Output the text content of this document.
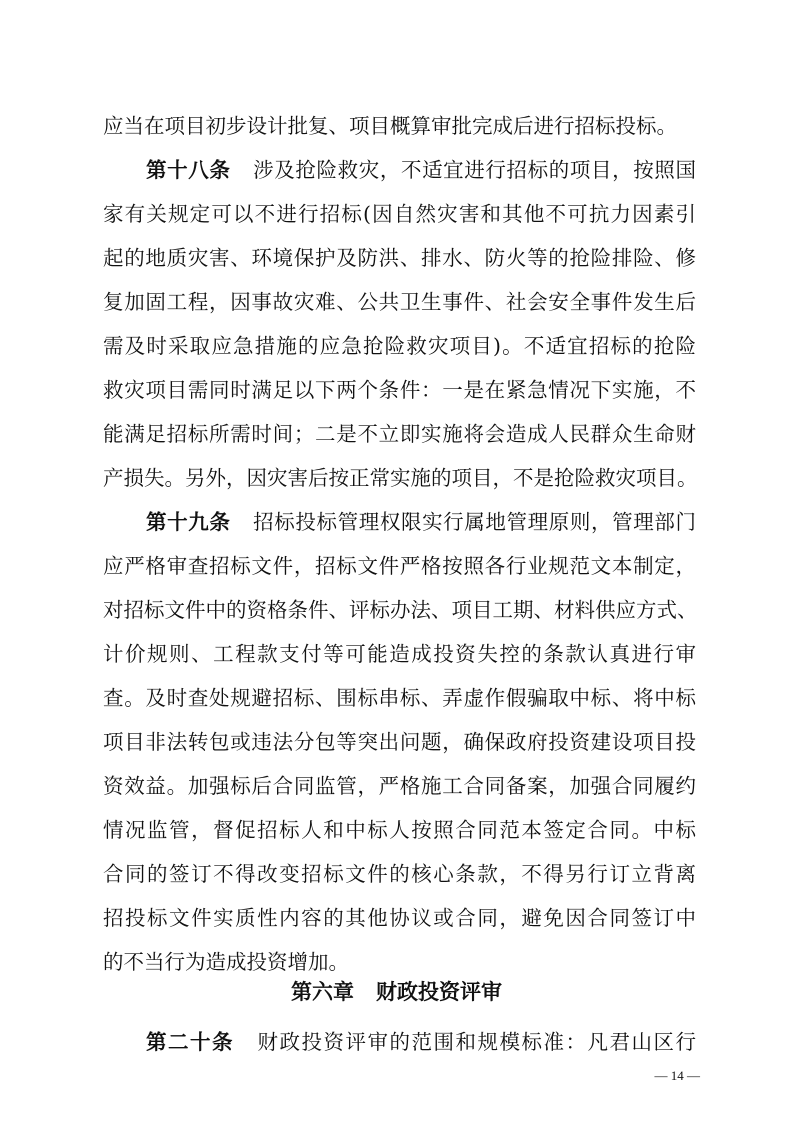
应当在项目初步设计批复、项目概算审批完成后进行招标投标。
第十八条 涉及抢险救灾，不适宜进行招标的项目，按照国
家有关规定可以不进行招标(因自然灾害和其他不可抗力因素引
起的地质灾害、环境保护及防洪、排水、防火等的抢险排险、修
复加固工程，因事故灾难、公共卫生事件、社会安全事件发生后
需及时采取应急措施的应急抢险救灾项目)。不适宜招标的抢险
救灾项目需同时满足以下两个条件：一是在紧急情况下实施，不
能满足招标所需时间；二是不立即实施将会造成人民群众生命财
产损失。另外，因灾害后按正常实施的项目，不是抢险救灾项目。
第十九条 招标投标管理权限实行属地管理原则，管理部门
应严格审查招标文件，招标文件严格按照各行业规范文本制定，
对招标文件中的资格条件、评标办法、项目工期、材料供应方式、
计价规则、工程款支付等可能造成投资失控的条款认真进行审
查。及时查处规避招标、围标串标、弄虚作假骗取中标、将中标
项目非法转包或违法分包等突出问题，确保政府投资建设项目投
资效益。加强标后合同监管，严格施工合同备案，加强合同履约
情况监管，督促招标人和中标人按照合同范本签定合同。中标
合同的签订不得改变招标文件的核心条款，不得另行订立背离
招投标文件实质性内容的其他协议或合同，避免因合同签订中
的不当行为造成投资增加。
第六章 财政投资评审
第二十条 财政投资评审的范围和规模标准：凡君山区行
— 14 —
